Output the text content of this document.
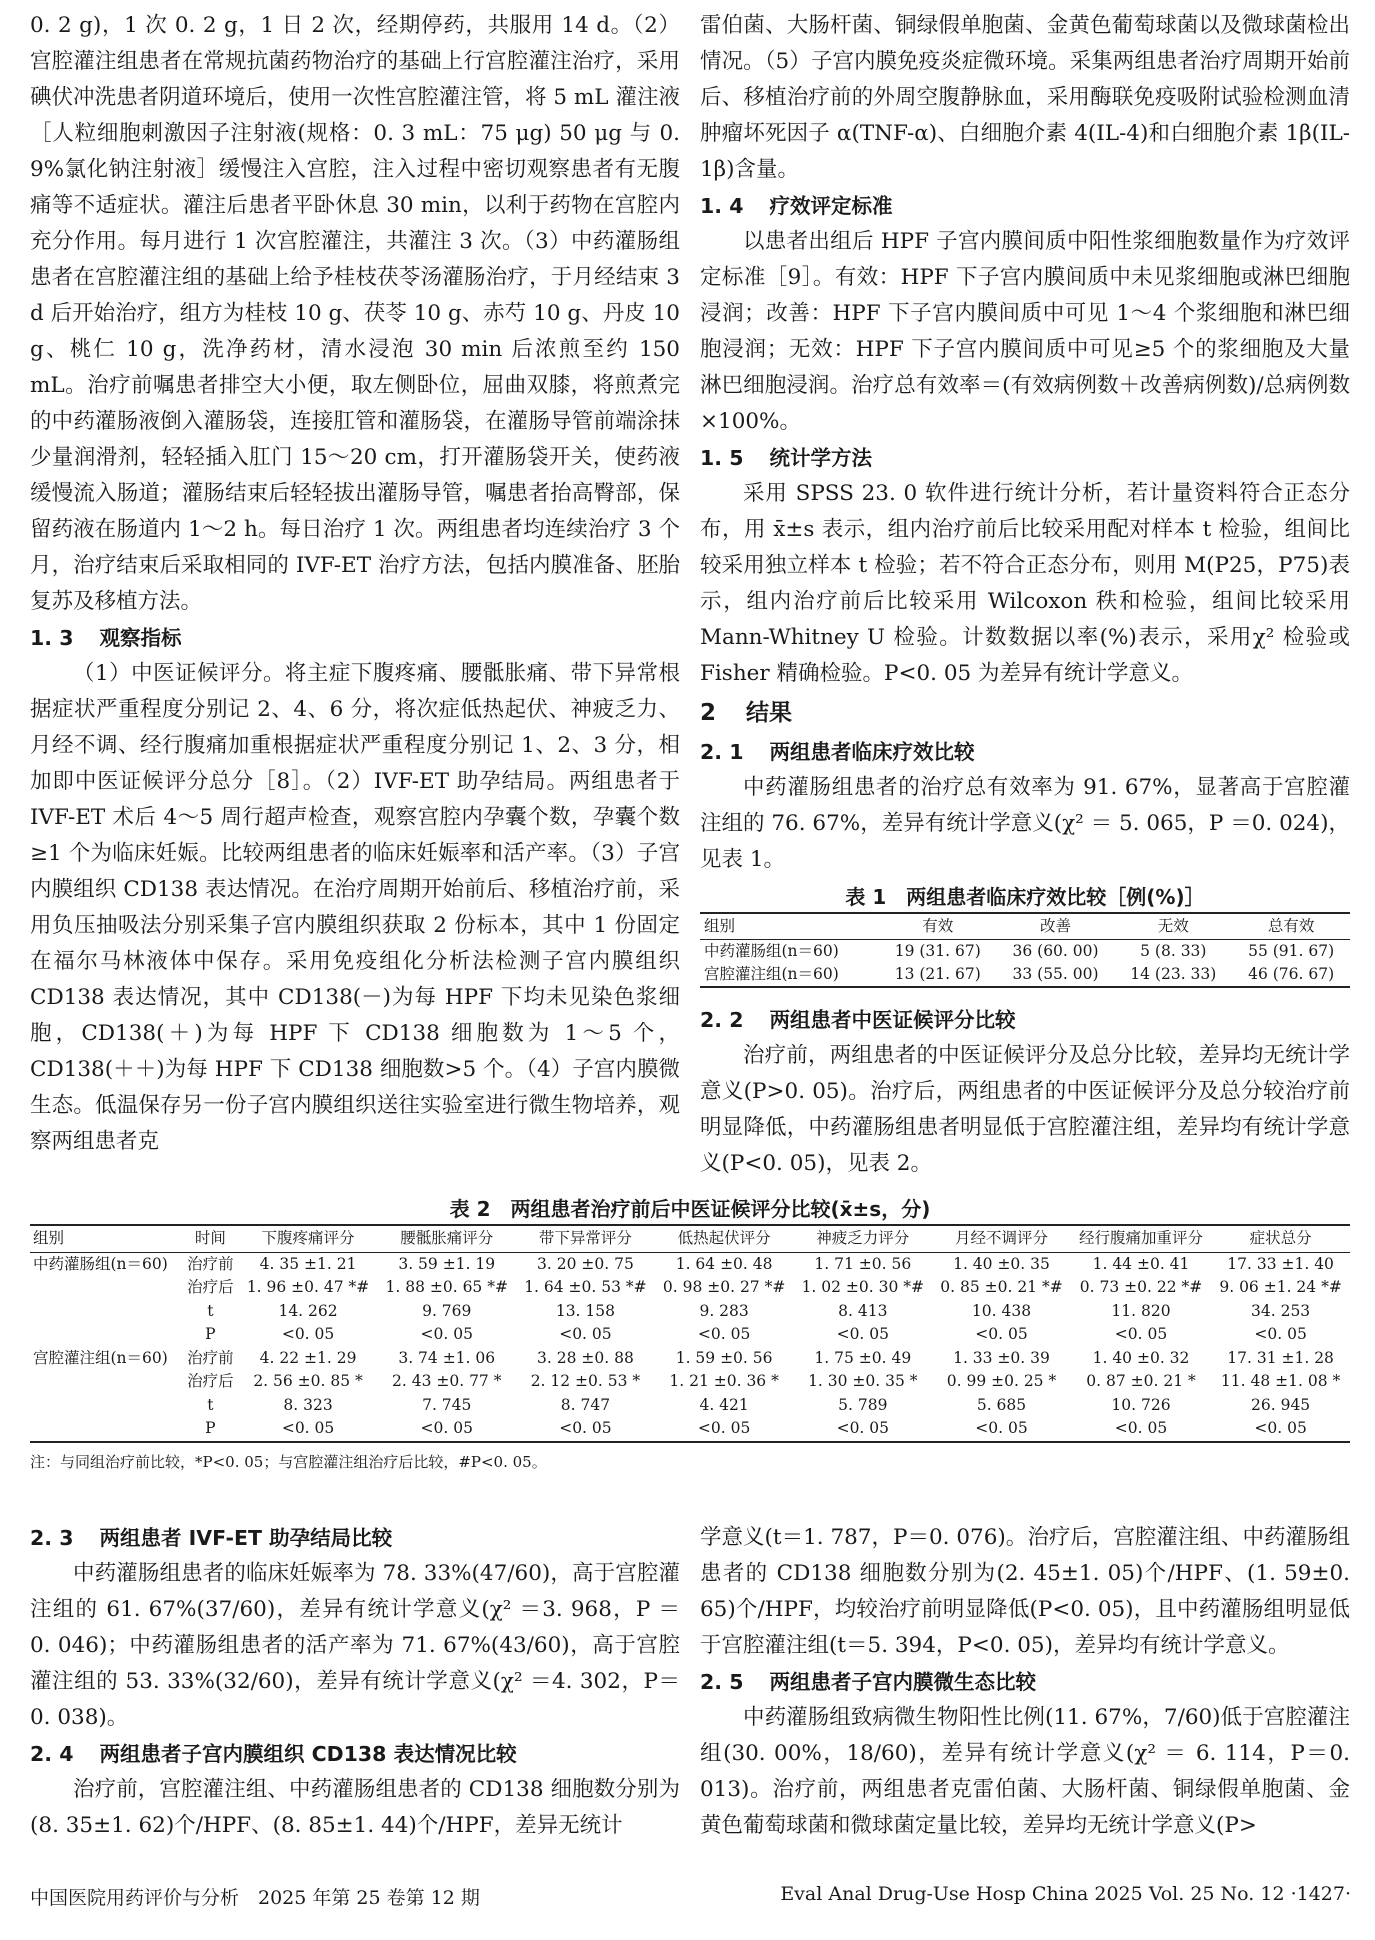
0. 2 g)，1 次 0. 2 g，1 日 2 次，经期停药，共服用 14 d。（2）宫腔灌注组患者在常规抗菌药物治疗的基础上行宫腔灌注治疗，采用碘伏冲洗患者阴道环境后，使用一次性宫腔灌注管，将 5 mL 灌注液［人粒细胞刺激因子注射液(规格：0. 3 mL：75 μg) 50 μg 与 0. 9%氯化钠注射液］缓慢注入宫腔，注入过程中密切观察患者有无腹痛等不适症状。灌注后患者平卧休息 30 min，以利于药物在宫腔内充分作用。每月进行 1 次宫腔灌注，共灌注 3 次。（3）中药灌肠组患者在宫腔灌注组的基础上给予桂枝茯苓汤灌肠治疗，于月经结束 3 d 后开始治疗，组方为桂枝 10 g、茯苓 10 g、赤芍 10 g、丹皮 10 g、桃仁 10 g，洗净药材，清水浸泡 30 min 后浓煎至约 150 mL。治疗前嘱患者排空大小便，取左侧卧位，屈曲双膝，将煎煮完的中药灌肠液倒入灌肠袋，连接肛管和灌肠袋，在灌肠导管前端涂抹少量润滑剂，轻轻插入肛门 15～20 cm，打开灌肠袋开关，使药液缓慢流入肠道；灌肠结束后轻轻拔出灌肠导管，嘱患者抬高臀部，保留药液在肠道内 1～2 h。每日治疗 1 次。两组患者均连续治疗 3 个月，治疗结束后采取相同的 IVF-ET 治疗方法，包括内膜准备、胚胎复苏及移植方法。

1. 3 观察指标

（1）中医证候评分。将主症下腹疼痛、腰骶胀痛、带下异常根据症状严重程度分别记 2、4、6 分，将次症低热起伏、神疲乏力、月经不调、经行腹痛加重根据症状严重程度分别记 1、2、3 分，相加即中医证候评分总分［8］。（2）IVF-ET 助孕结局。两组患者于 IVF-ET 术后 4～5 周行超声检查，观察宫腔内孕囊个数，孕囊个数≥1 个为临床妊娠。比较两组患者的临床妊娠率和活产率。（3）子宫内膜组织 CD138 表达情况。在治疗周期开始前后、移植治疗前，采用负压抽吸法分别采集子宫内膜组织获取 2 份标本，其中 1 份固定在福尔马林液体中保存。采用免疫组化分析法检测子宫内膜组织 CD138 表达情况，其中 CD138(－)为每 HPF 下均未见染色浆细胞，CD138(＋)为每 HPF 下 CD138 细胞数为 1～5 个，CD138(＋＋)为每 HPF 下 CD138 细胞数>5 个。（4）子宫内膜微生态。低温保存另一份子宫内膜组织送往实验室进行微生物培养，观察两组患者克

雷伯菌、大肠杆菌、铜绿假单胞菌、金黄色葡萄球菌以及微球菌检出情况。（5）子宫内膜免疫炎症微环境。采集两组患者治疗周期开始前后、移植治疗前的外周空腹静脉血，采用酶联免疫吸附试验检测血清肿瘤坏死因子 α(TNF-α)、白细胞介素 4(IL-4)和白细胞介素 1β(IL-1β)含量。

1. 4 疗效评定标准

以患者出组后 HPF 子宫内膜间质中阳性浆细胞数量作为疗效评定标准［9］。有效：HPF 下子宫内膜间质中未见浆细胞或淋巴细胞浸润；改善：HPF 下子宫内膜间质中可见 1～4 个浆细胞和淋巴细胞浸润；无效：HPF 下子宫内膜间质中可见≥5 个的浆细胞及大量淋巴细胞浸润。治疗总有效率＝(有效病例数＋改善病例数)/总病例数×100%。

1. 5 统计学方法

采用 SPSS 23. 0 软件进行统计分析，若计量资料符合正态分布，用 x̄±s 表示，组内治疗前后比较采用配对样本 t 检验，组间比较采用独立样本 t 检验；若不符合正态分布，则用 M(P25，P75)表示，组内治疗前后比较采用 Wilcoxon 秩和检验，组间比较采用 Mann-Whitney U 检验。计数数据以率(%)表示，采用χ² 检验或 Fisher 精确检验。P<0. 05 为差异有统计学意义。

2 结果
2. 1 两组患者临床疗效比较

中药灌肠组患者的治疗总有效率为 91. 67%，显著高于宫腔灌注组的 76. 67%，差异有统计学意义(χ² ＝ 5. 065，P ＝0. 024)，见表 1。

表 1　两组患者临床疗效比较［例(%)］
组别	有效	改善	无效	总有效
中药灌肠组(n＝60)	19 (31. 67)	36 (60. 00)	5 (8. 33)	55 (91. 67)
宫腔灌注组(n＝60)	13 (21. 67)	33 (55. 00)	14 (23. 33)	46 (76. 67)
2. 2 两组患者中医证候评分比较

治疗前，两组患者的中医证候评分及总分比较，差异均无统计学意义(P>0. 05)。治疗后，两组患者的中医证候评分及总分较治疗前明显降低，中药灌肠组患者明显低于宫腔灌注组，差异均有统计学意义(P<0. 05)，见表 2。

表 2　两组患者治疗前后中医证候评分比较(x̄±s，分)
组别	时间	下腹疼痛评分	腰骶胀痛评分	带下异常评分	低热起伏评分	神疲乏力评分	月经不调评分	经行腹痛加重评分	症状总分
中药灌肠组(n＝60)	治疗前	4. 35 ±1. 21	3. 59 ±1. 19	3. 20 ±0. 75	1. 64 ±0. 48	1. 71 ±0. 56	1. 40 ±0. 35	1. 44 ±0. 41	17. 33 ±1. 40
	治疗后	1. 96 ±0. 47 *#	1. 88 ±0. 65 *#	1. 64 ±0. 53 *#	0. 98 ±0. 27 *#	1. 02 ±0. 30 *#	0. 85 ±0. 21 *#	0. 73 ±0. 22 *#	9. 06 ±1. 24 *#
	t	14. 262	9. 769	13. 158	9. 283	8. 413	10. 438	11. 820	34. 253
	P	<0. 05	<0. 05	<0. 05	<0. 05	<0. 05	<0. 05	<0. 05	<0. 05
宫腔灌注组(n＝60)	治疗前	4. 22 ±1. 29	3. 74 ±1. 06	3. 28 ±0. 88	1. 59 ±0. 56	1. 75 ±0. 49	1. 33 ±0. 39	1. 40 ±0. 32	17. 31 ±1. 28
	治疗后	2. 56 ±0. 85 *	2. 43 ±0. 77 *	2. 12 ±0. 53 *	1. 21 ±0. 36 *	1. 30 ±0. 35 *	0. 99 ±0. 25 *	0. 87 ±0. 21 *	11. 48 ±1. 08 *
	t	8. 323	7. 745	8. 747	4. 421	5. 789	5. 685	10. 726	26. 945
	P	<0. 05	<0. 05	<0. 05	<0. 05	<0. 05	<0. 05	<0. 05	<0. 05
注：与同组治疗前比较，*P<0. 05；与宫腔灌注组治疗后比较，#P<0. 05。
2. 3 两组患者 IVF-ET 助孕结局比较

中药灌肠组患者的临床妊娠率为 78. 33%(47/60)，高于宫腔灌注组的 61. 67%(37/60)，差异有统计学意义(χ² ＝3. 968，P ＝ 0. 046)；中药灌肠组患者的活产率为 71. 67%(43/60)，高于宫腔灌注组的 53. 33%(32/60)，差异有统计学意义(χ² ＝4. 302，P＝0. 038)。

2. 4 两组患者子宫内膜组织 CD138 表达情况比较

治疗前，宫腔灌注组、中药灌肠组患者的 CD138 细胞数分别为(8. 35±1. 62)个/HPF、(8. 85±1. 44)个/HPF，差异无统计

学意义(t＝1. 787，P＝0. 076)。治疗后，宫腔灌注组、中药灌肠组患者的 CD138 细胞数分别为(2. 45±1. 05)个/HPF、(1. 59±0. 65)个/HPF，均较治疗前明显降低(P<0. 05)，且中药灌肠组明显低于宫腔灌注组(t＝5. 394，P<0. 05)，差异均有统计学意义。

2. 5 两组患者子宫内膜微生态比较

中药灌肠组致病微生物阳性比例(11. 67%，7/60)低于宫腔灌注组(30. 00%，18/60)，差异有统计学意义(χ² ＝ 6. 114，P＝0. 013)。治疗前，两组患者克雷伯菌、大肠杆菌、铜绿假单胞菌、金黄色葡萄球菌和微球菌定量比较，差异均无统计学意义(P>

中国医院用药评价与分析　2025 年第 25 卷第 12 期	Eval Anal Drug-Use Hosp China 2025 Vol. 25 No. 12 ·1427·
